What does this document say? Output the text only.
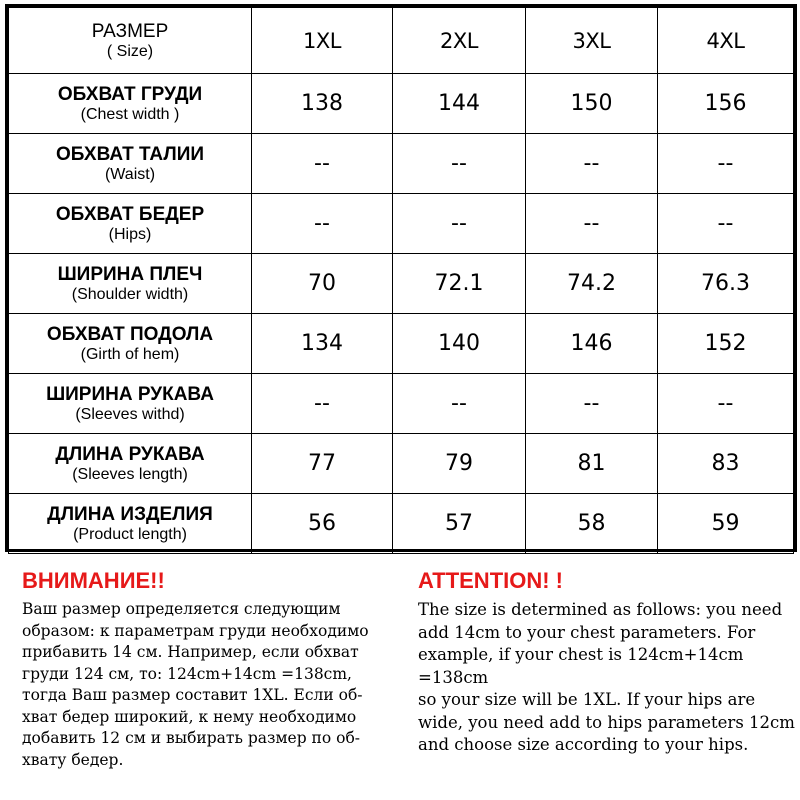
РАЗМЕР
( Size)	1XL	2XL	3XL	4XL

ОБХВАТ ГРУДИ
(Chest width )	138	144	150	156

ОБХВАТ ТАЛИИ
(Waist)	--	--	--	--

ОБХВАТ БЕДЕР
(Hips)	--	--	--	--

ШИРИНА ПЛЕЧ
(Shoulder width)	70	72.1	74.2	76.3

ОБХВАТ ПОДОЛА
(Girth of hem)	134	140	146	152

ШИРИНА РУКАВА
(Sleeves withd)	--	--	--	--

ДЛИНА РУКАВА
(Sleeves length)	77	79	81	83

ДЛИНА ИЗДЕЛИЯ
(Product length)	56	57	58	59
ВНИМАНИЕ!!
Ваш размер определяется следующим
образом: к параметрам груди необходимо
прибавить 14 см. Например, если обхват
груди 124 см, то: 124cm+14cm =138cm,
тогда Ваш размер составит 1XL. Если об-
хват бедер широкий, к нему необходимо
добавить 12 см и выбирать размер по об-
хвату бедер.
ATTENTION! !
The size is determined as follows: you need
add 14cm to your chest parameters. For
example, if your chest is 124cm+14cm =138cm
so your size will be 1XL. If your hips are
wide, you need add to hips parameters 12cm
and choose size according to your hips.
